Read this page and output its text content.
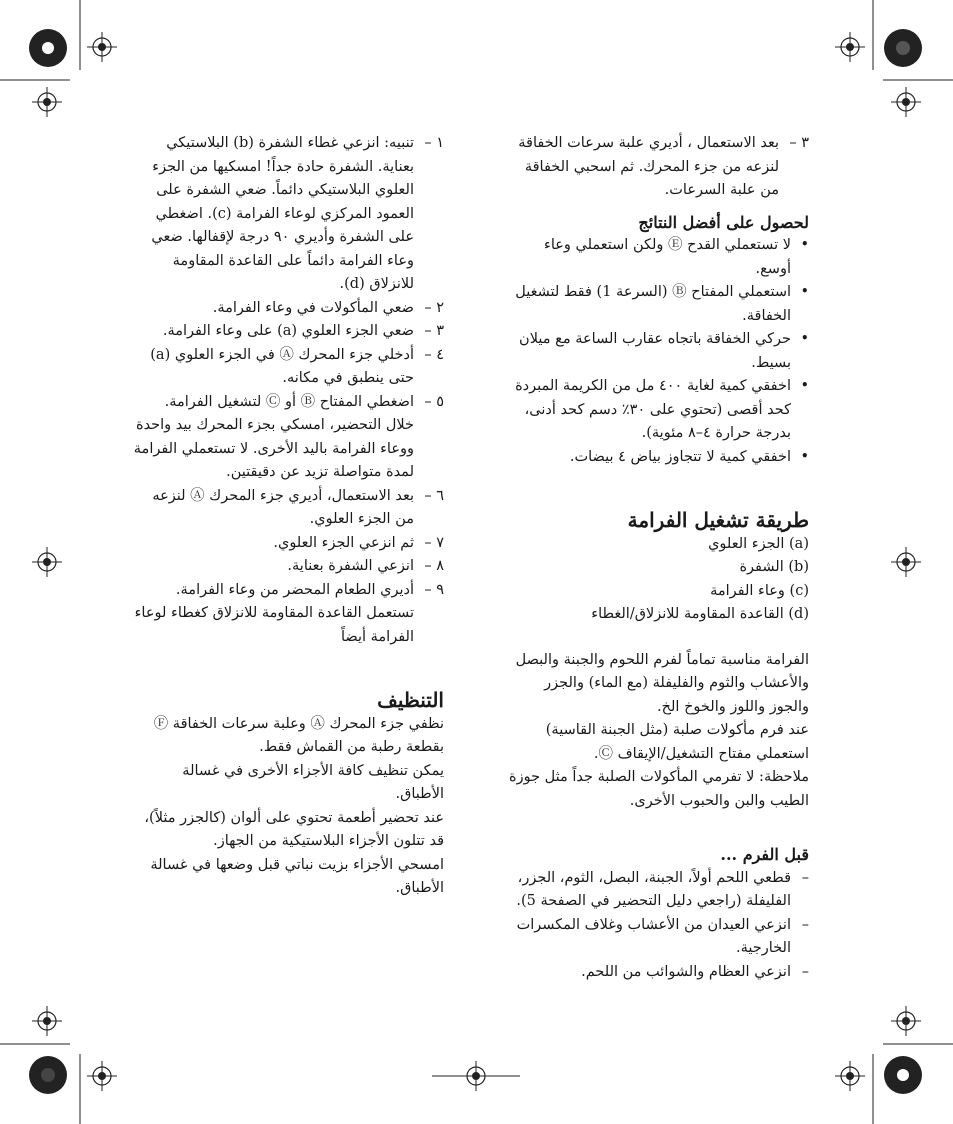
٣ –
بعد الاستعمال ، أديري علبة سرعات الخفاقة لنزعه من جزء المحرك. ثم اسحبي الخفاقة من علبة السرعات.
لحصول على أفضل النتائج
•
لا تستعملي القدح Ⓔ ولكن استعملي وعاء أوسع.
•
استعملي المفتاح Ⓑ (السرعة 1) فقط لتشغيل الخفاقة.
•
حركي الخفاقة باتجاه عقارب الساعة مع ميلان بسيط.
•
اخفقي كمية لغاية ٤٠٠ مل من الكريمة المبردة كحد أقصى (تحتوي على ٣٠٪ دسم كحد أدنى، بدرجة حرارة ٤–٨ مئوية).
•
اخفقي كمية لا تتجاوز بياض ٤ بيضات.
طريقة تشغيل الفرامة
(a) الجزء العلوي
(b) الشفرة
(c) وعاء الفرامة
(d) القاعدة المقاومة للانزلاق/الغطاء
الفرامة مناسبة تماماً لفرم اللحوم والجبنة والبصل والأعشاب والثوم والفليفلة (مع الماء) والجزر والجوز واللوز والخوخ الخ.
عند فرم مأكولات صلبة (مثل الجبنة القاسية) استعملي مفتاح التشغيل/الإيقاف Ⓒ.
ملاحظة: لا تفرمي المأكولات الصلبة جداً مثل جوزة الطيب والبن والحبوب الأخرى.
قبل الفرم ...
–
قطعي اللحم أولاً، الجبنة، البصل، الثوم، الجزر، الفليفلة (راجعي دليل التحضير في الصفحة 5).
–
انزعي العيدان من الأعشاب وغلاف المكسرات الخارجية.
–
انزعي العظام والشوائب من اللحم.
١ –
تنبيه: انزعي غطاء الشفرة (b) البلاستيكي بعناية. الشفرة حادة جداً! امسكيها من الجزء العلوي البلاستيكي دائماً. ضعي الشفرة على العمود المركزي لوعاء الفرامة (c). اضغطي على الشفرة وأديري ٩٠ درجة لإقفالها. ضعي وعاء الفرامة دائماً على القاعدة المقاومة للانزلاق (d).
٢ –
ضعي المأكولات في وعاء الفرامة.
٣ –
ضعي الجزء العلوي (a) على وعاء الفرامة.
٤ –
أدخلي جزء المحرك Ⓐ في الجزء العلوي (a) حتى ينطبق في مكانه.
٥ –
اضغطي المفتاح Ⓑ أو Ⓒ لتشغيل الفرامة. خلال التحضير، امسكي بجزء المحرك بيد واحدة ووعاء الفرامة باليد الأخرى. لا تستعملي الفرامة لمدة متواصلة تزيد عن دقيقتين.
٦ –
بعد الاستعمال، أديري جزء المحرك Ⓐ لنزعه من الجزء العلوي.
٧ –
ثم انزعي الجزء العلوي.
٨ –
انزعي الشفرة بعناية.
٩ –
أديري الطعام المحضر من وعاء الفرامة. تستعمل القاعدة المقاومة للانزلاق كغطاء لوعاء الفرامة أيضاً
التنظيف
نظفي جزء المحرك Ⓐ وعلبة سرعات الخفاقة Ⓕ بقطعة رطبة من القماش فقط.
يمكن تنظيف كافة الأجزاء الأخرى في غسالة الأطباق.
عند تحضير أطعمة تحتوي على ألوان (كالجزر مثلاً)، قد تتلون الأجزاء البلاستيكية من الجهاز.
امسحي الأجزاء بزيت نباتي قبل وضعها في غسالة الأطباق.
